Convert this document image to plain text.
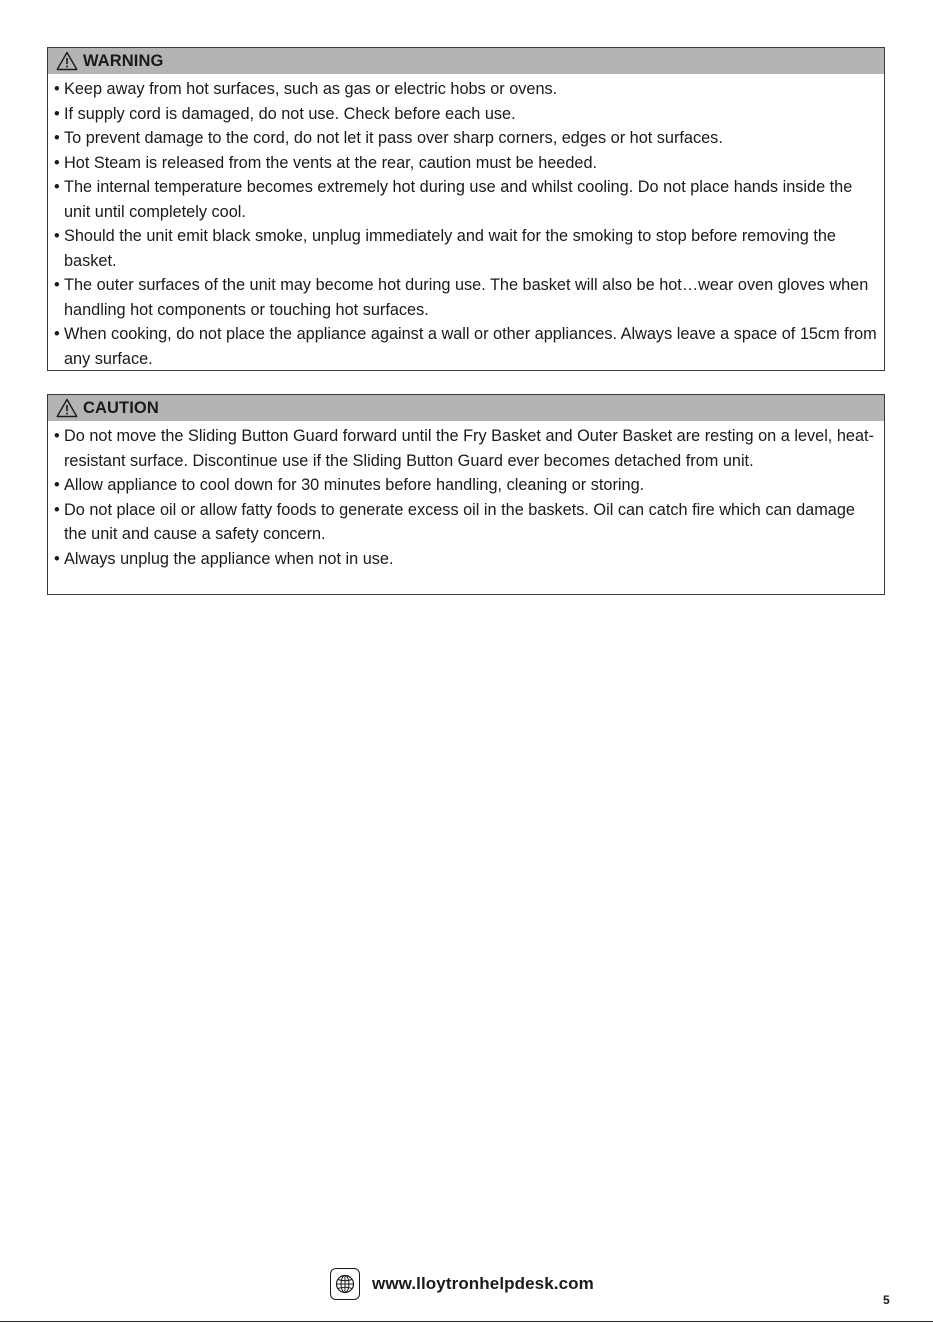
WARNING
• Keep away from hot surfaces, such as gas or electric hobs or ovens.
• If supply cord is damaged, do not use. Check before each use.
• To prevent damage to the cord, do not let it pass over sharp corners, edges or hot surfaces.
• Hot Steam is released from the vents at the rear, caution must be heeded.
• The internal temperature becomes extremely hot during use and whilst cooling. Do not place hands inside the unit until completely cool.
• Should the unit emit black smoke, unplug immediately and wait for the smoking to stop before removing the basket.
• The outer surfaces of the unit may become hot during use. The basket will also be hot…wear oven gloves when handling hot components or touching hot surfaces.
• When cooking, do not place the appliance against a wall or other appliances. Always leave a space of 15cm from any surface.
CAUTION
• Do not move the Sliding Button Guard forward until the Fry Basket and Outer Basket are resting on a level, heat-resistant surface. Discontinue use if the Sliding Button Guard ever becomes detached from unit.
• Allow appliance to cool down for 30 minutes before handling, cleaning or storing.
• Do not place oil or allow fatty foods to generate excess oil in the baskets. Oil can catch fire which can damage the unit and cause a safety concern.
• Always unplug the appliance when not in use.
www.lloytronhelpdesk.com
5
